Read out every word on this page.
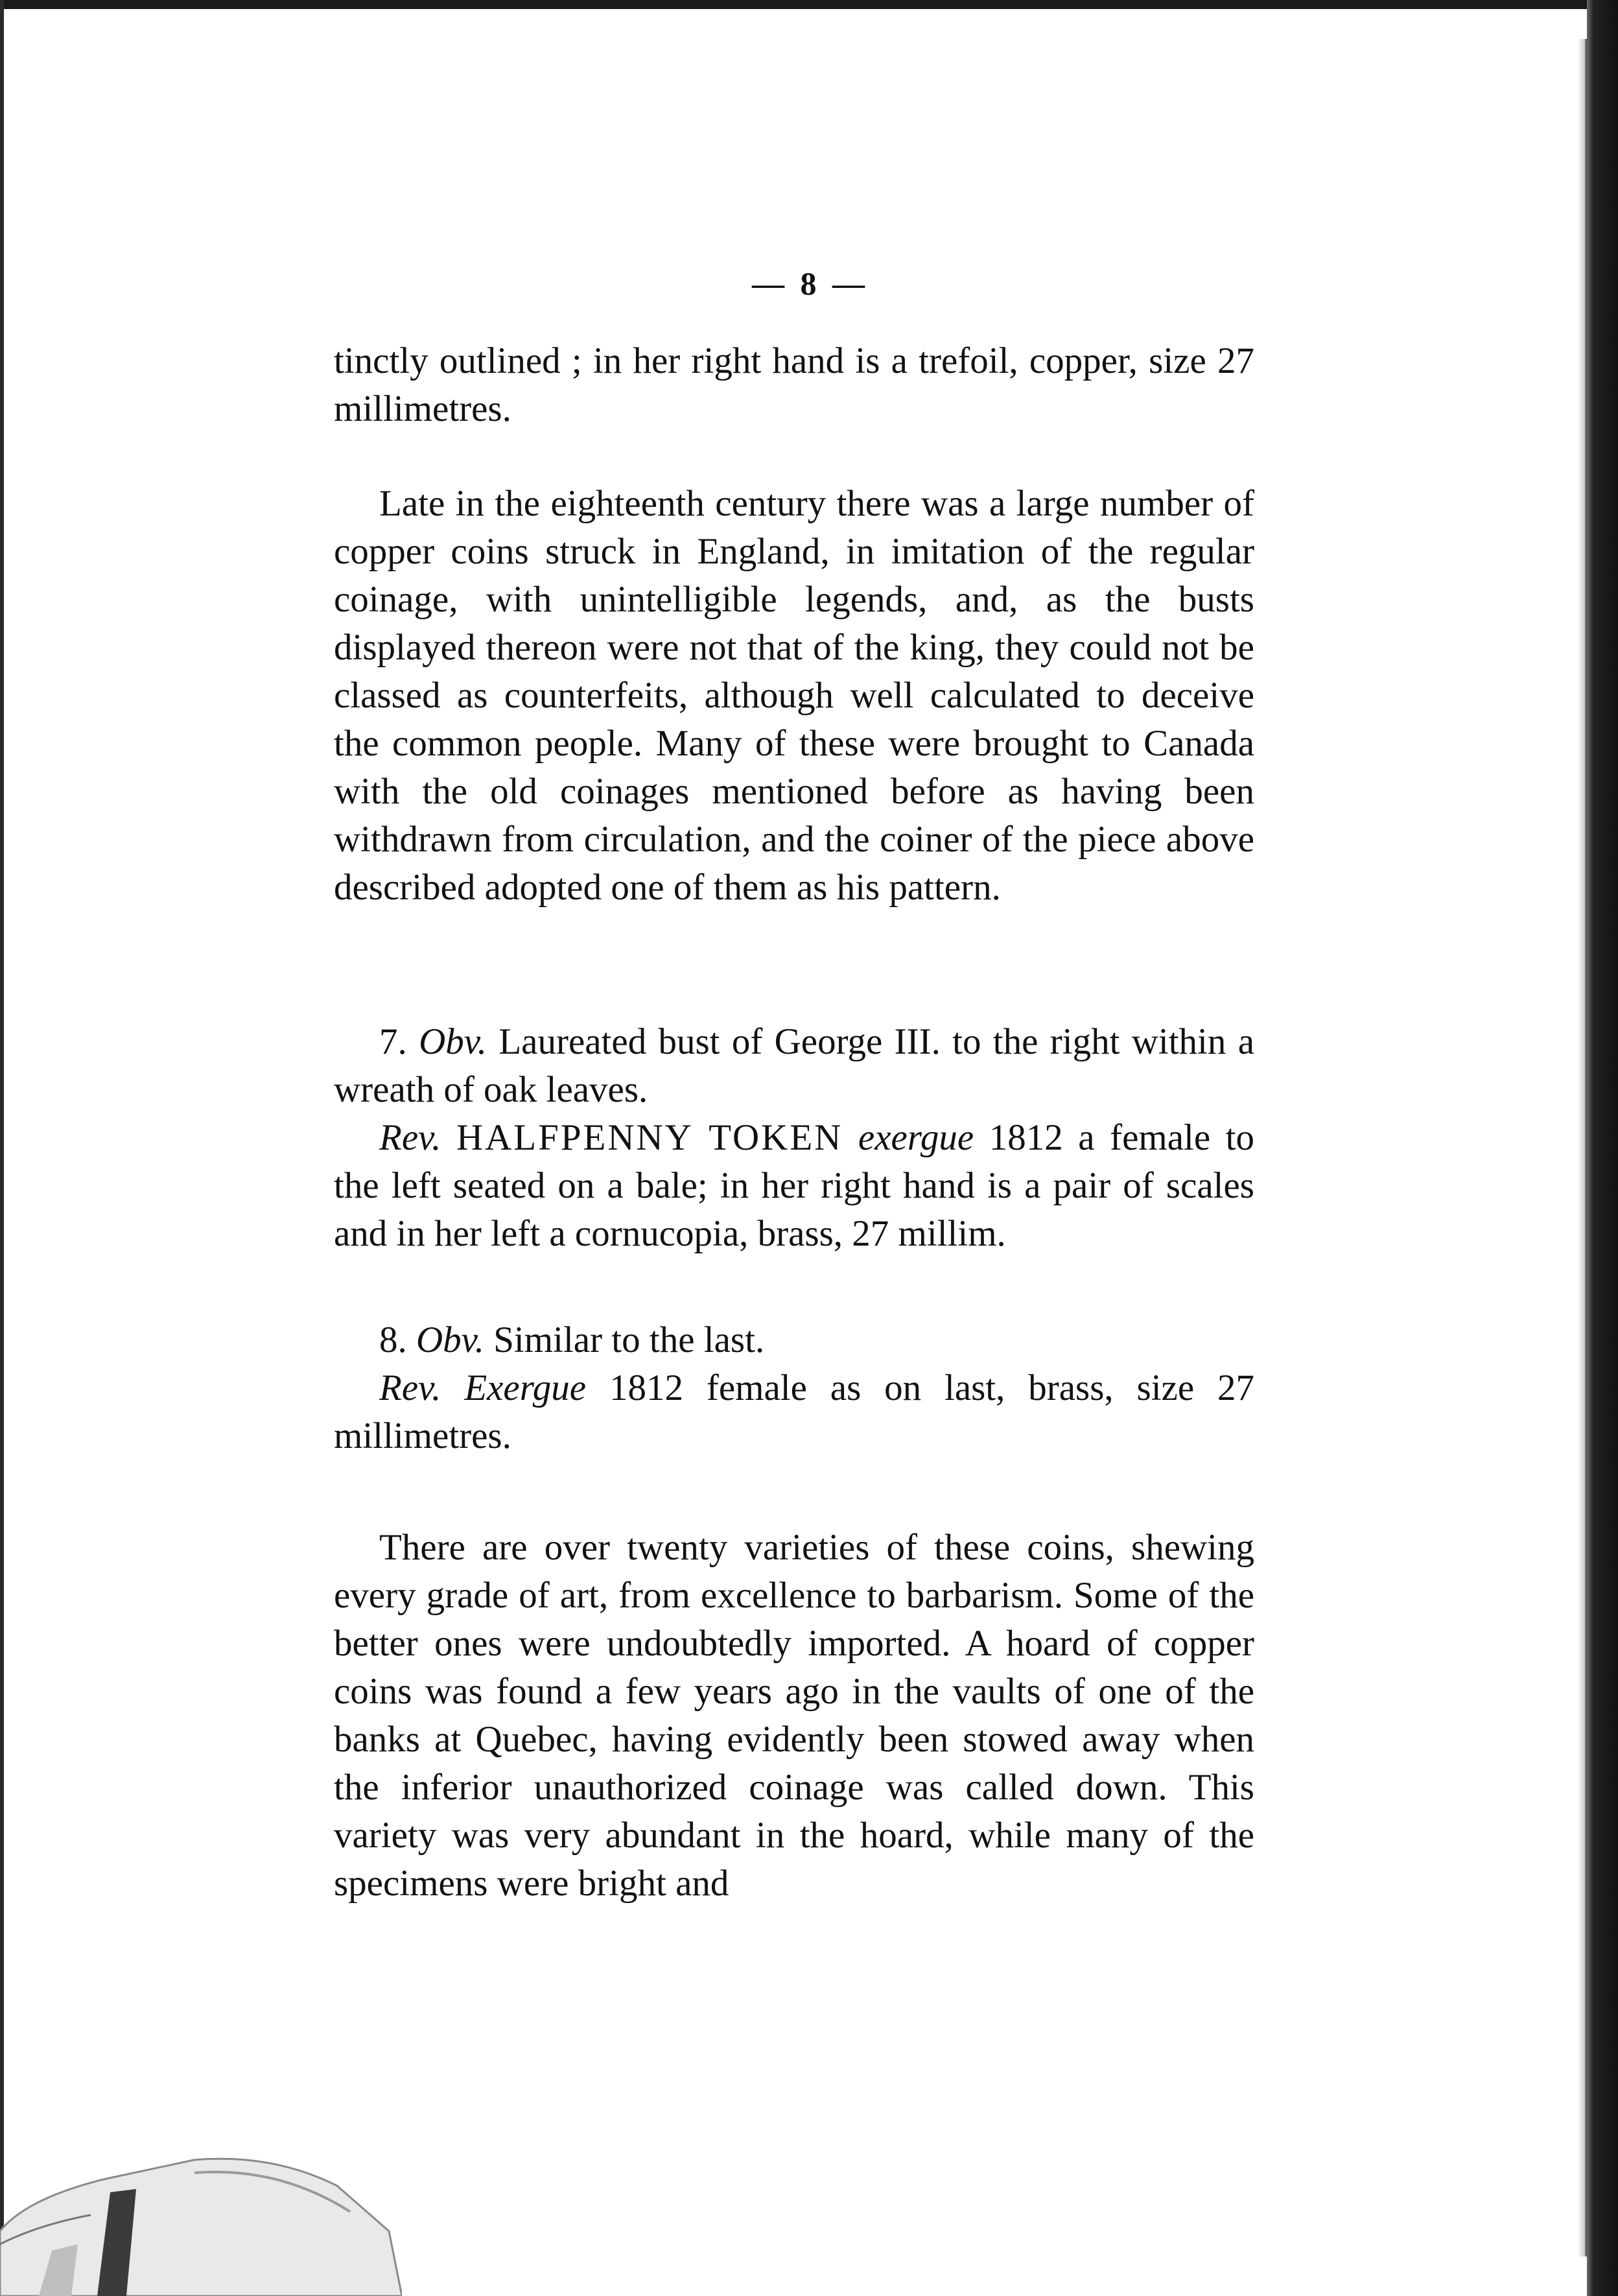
— 8 —

tinctly outlined ; in her right hand is a trefoil, copper, size 27 millimetres.

Late in the eighteenth century there was a large number of copper coins struck in England, in imitation of the regular coinage, with unintelligible legends, and, as the busts displayed thereon were not that of the king, they could not be classed as counterfeits, although well calculated to deceive the common people. Many of these were brought to Canada with the old coinages mentioned before as having been withdrawn from circulation, and the coiner of the piece above described adopted one of them as his pattern.

7. Obv. Laureated bust of George III. to the right within a wreath of oak leaves.

Rev. HALFPENNY TOKEN exergue 1812 a female to the left seated on a bale; in her right hand is a pair of scales and in her left a cornucopia, brass, 27 millim.

8. Obv. Similar to the last.

Rev. Exergue 1812 female as on last, brass, size 27 millimetres.

There are over twenty varieties of these coins, shewing every grade of art, from excellence to barbarism. Some of the better ones were undoubtedly imported. A hoard of copper coins was found a few years ago in the vaults of one of the banks at Quebec, having evidently been stowed away when the inferior unauthorized coinage was called down. This variety was very abundant in the hoard, while many of the specimens were bright and
